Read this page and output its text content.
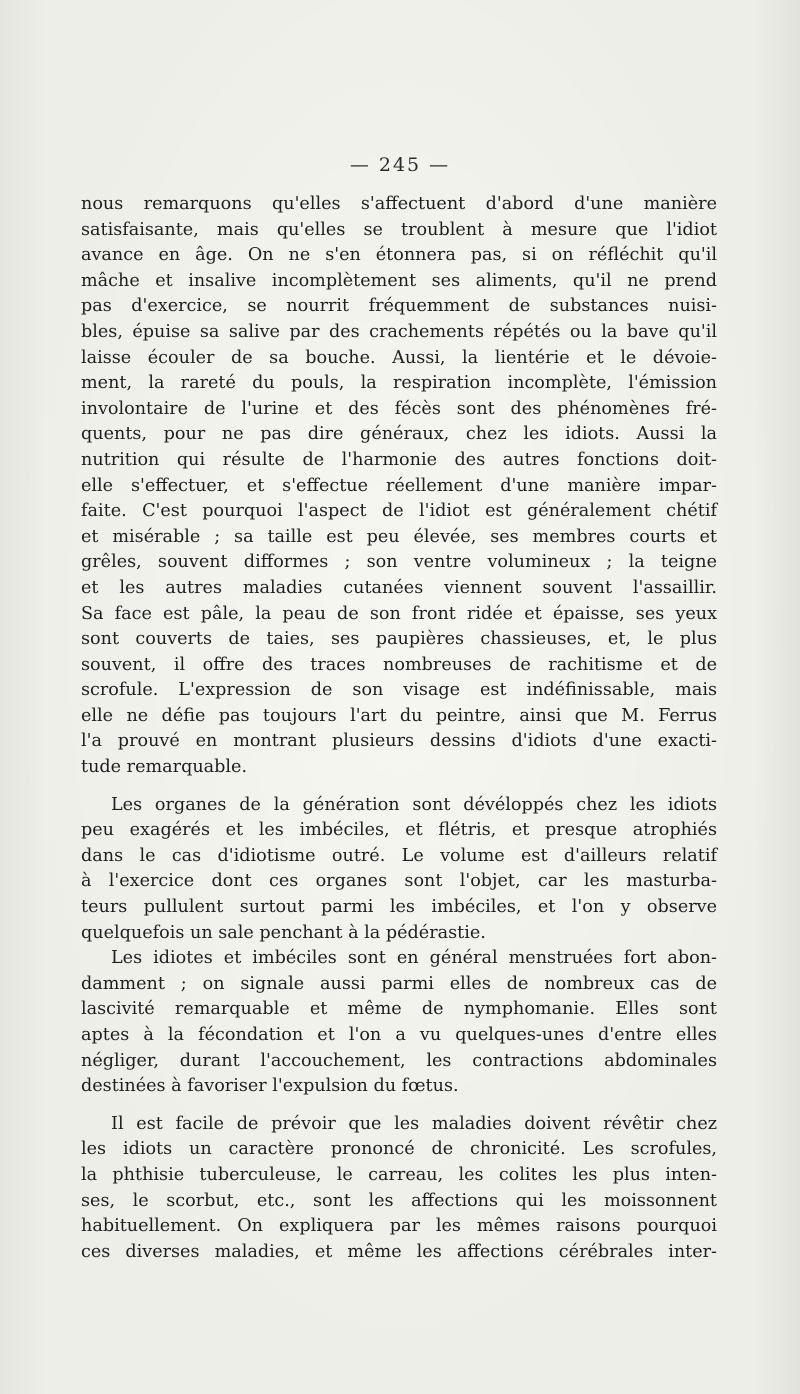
— 245 —

nous remarquons qu'elles s'affectuent d'abord d'une manière
satisfaisante, mais qu'elles se troublent à mesure que l'idiot
avance en âge. On ne s'en étonnera pas, si on réfléchit qu'il
mâche et insalive incomplètement ses aliments, qu'il ne prend
pas d'exercice, se nourrit fréquemment de substances nuisi-
bles, épuise sa salive par des crachements répétés ou la bave qu'il
laisse écouler de sa bouche. Aussi, la lientérie et le dévoie-
ment, la rareté du pouls, la respiration incomplète, l'émission
involontaire de l'urine et des fécès sont des phénomènes fré-
quents, pour ne pas dire généraux, chez les idiots. Aussi la
nutrition qui résulte de l'harmonie des autres fonctions doit-
elle s'effectuer, et s'effectue réellement d'une manière impar-
faite. C'est pourquoi l'aspect de l'idiot est généralement chétif
et misérable ; sa taille est peu élevée, ses membres courts et
grêles, souvent difformes ; son ventre volumineux ; la teigne
et les autres maladies cutanées viennent souvent l'assaillir.
Sa face est pâle, la peau de son front ridée et épaisse, ses yeux
sont couverts de taies, ses paupières chassieuses, et, le plus
souvent, il offre des traces nombreuses de rachitisme et de
scrofule. L'expression de son visage est indéfinissable, mais
elle ne défie pas toujours l'art du peintre, ainsi que M. Ferrus
l'a prouvé en montrant plusieurs dessins d'idiots d'une exacti-
tude remarquable.

Les organes de la génération sont dévéloppés chez les idiots
peu exagérés et les imbéciles, et flétris, et presque atrophiés
dans le cas d'idiotisme outré. Le volume est d'ailleurs relatif
à l'exercice dont ces organes sont l'objet, car les masturba-
teurs pullulent surtout parmi les imbéciles, et l'on y observe
quelquefois un sale penchant à la pédérastie.

Les idiotes et imbéciles sont en général menstruées fort abon-
damment ; on signale aussi parmi elles de nombreux cas de
lascivité remarquable et même de nymphomanie. Elles sont
aptes à la fécondation et l'on a vu quelques-unes d'entre elles
négliger, durant l'accouchement, les contractions abdominales
destinées à favoriser l'expulsion du fœtus.

Il est facile de prévoir que les maladies doivent révêtir chez
les idiots un caractère prononcé de chronicité. Les scrofules,
la phthisie tuberculeuse, le carreau, les colites les plus inten-
ses, le scorbut, etc., sont les affections qui les moissonnent
habituellement. On expliquera par les mêmes raisons pourquoi
ces diverses maladies, et même les affections cérébrales inter-
